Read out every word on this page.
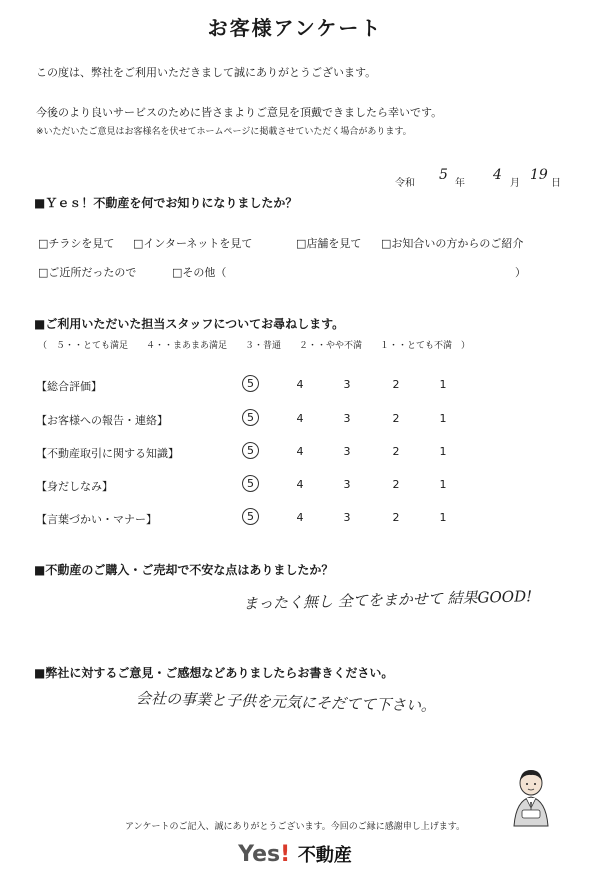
お客様アンケート
この度は、弊社をご利用いただきまして誠にありがとうございます。
今後のより良いサービスのために皆さまよりご意見を頂戴できましたら幸いです。
※いただいたご意見はお客様名を伏せてホームページに掲載させていただく場合があります。
令和
5
年
4
月
19
日
■Ｙｅｓ！不動産を何でお知りになりましたか？
□チラシを見て □インターネットを見て	□店舗を見て □お知合いの方からのご紹介
□ご近所だったので	□その他（	）
■ご利用いただいた担当スタッフについてお尋ねします。
（　５・・とても満足　　４・・まあまあ満足　　３・普通　　２・・やや不満　　１・・とても不満　）
【総合評価】	5	4	3	2	1
【お客様への報告・連絡】	5	4	3	2	1
【不動産取引に関する知識】	5	4	3	2	1
【身だしなみ】	5	4	3	2	1
【言葉づかい・マナー】	5	4	3	2	1
■不動産のご購入・ご売却で不安な点はありましたか？
まったく無し 全てをまかせて 結果GOOD!
■弊社に対するご意見・ご感想などありましたらお書きください。
会社の事業と子供を元気にそだてて下さい。
アンケートのご記入、誠にありがとうございます。今回のご縁に感謝申し上げます。
Yes! 不動産
